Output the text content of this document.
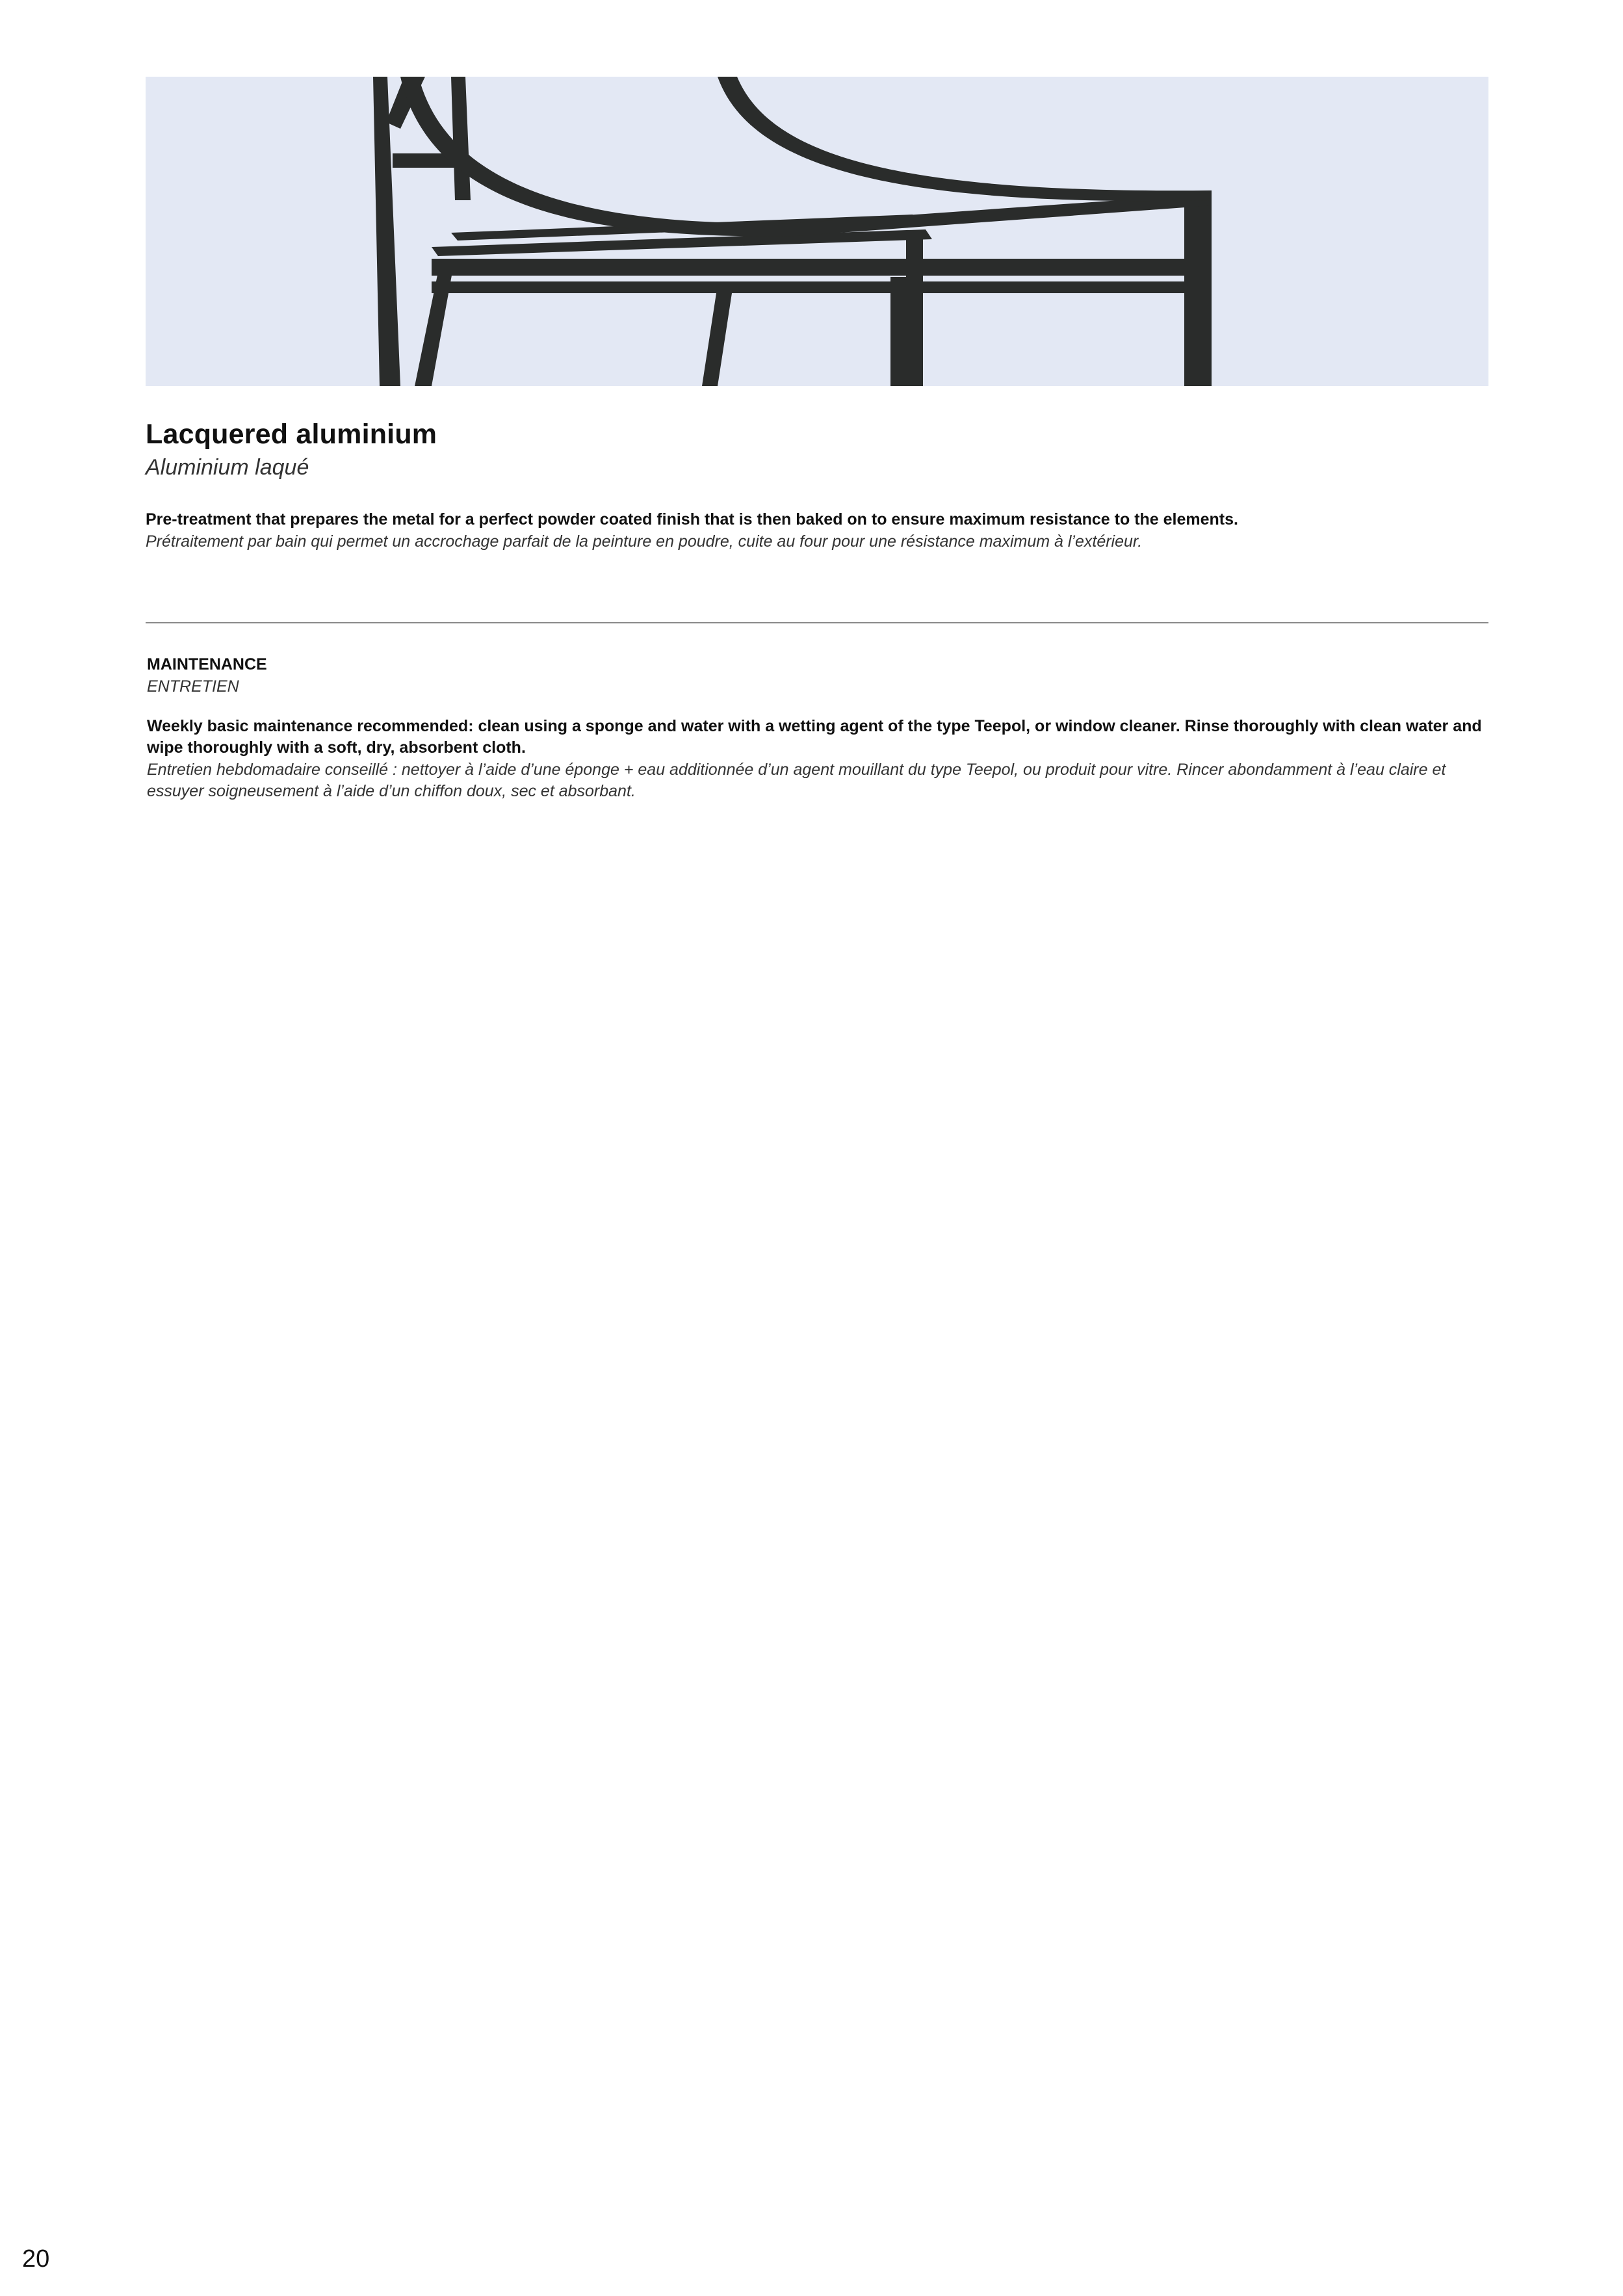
Lacquered aluminium
Aluminium laqué

Pre-treatment that prepares the metal for a perfect powder coated finish that is then baked on to ensure maximum resistance to the elements.

Prétraitement par bain qui permet un accrochage parfait de la peinture en poudre, cuite au four pour une résistance maximum à l’extérieur.

MAINTENANCE

ENTRETIEN

Weekly basic maintenance recommended: clean using a sponge and water with a wetting agent of the type Teepol, or window cleaner. Rinse thoroughly with clean water and wipe thoroughly with a soft, dry, absorbent cloth.

Entretien hebdomadaire conseillé : nettoyer à l’aide d’une éponge + eau additionnée d’un agent mouillant du type Teepol, ou produit pour vitre. Rincer abondamment à l’eau claire et essuyer soigneusement à l’aide d’un chiffon doux, sec et absorbant.

20
